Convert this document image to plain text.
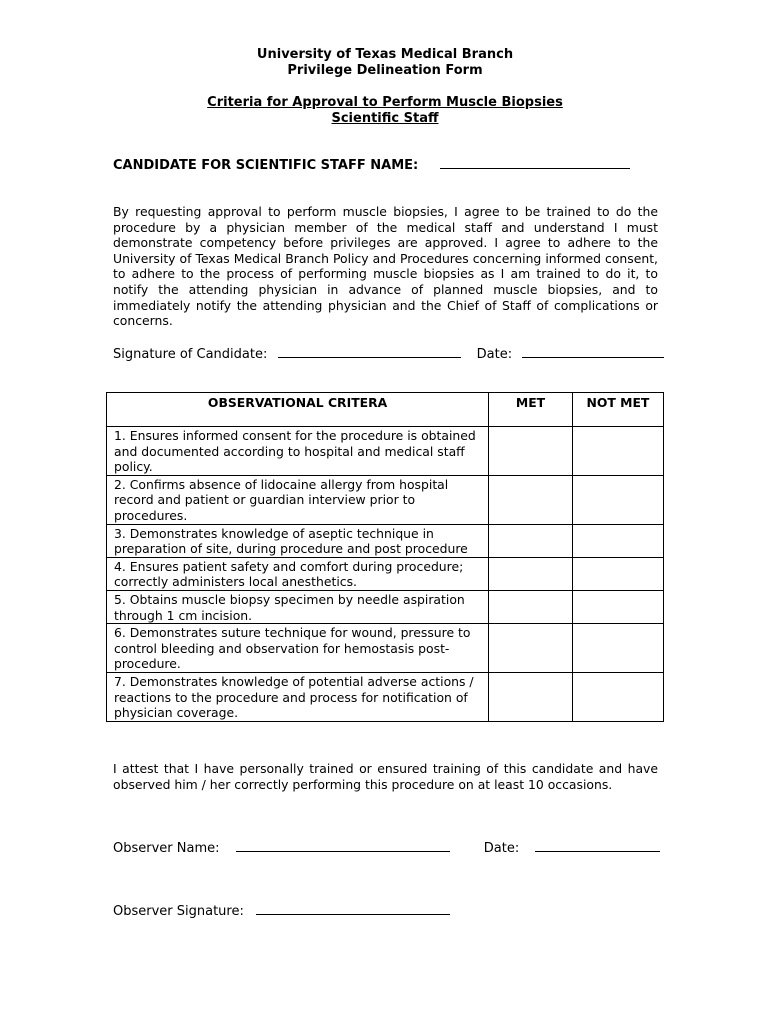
University of Texas Medical Branch
Privilege Delineation Form
Criteria for Approval to Perform Muscle Biopsies
Scientific Staff
CANDIDATE FOR SCIENTIFIC STAFF NAME:
By requesting approval to perform muscle biopsies, I agree to be trained to do the procedure by a physician member of the medical staff and understand I must demonstrate competency before privileges are approved. I agree to adhere to the University of Texas Medical Branch Policy and Procedures concerning informed consent, to adhere to the process of performing muscle biopsies as I am trained to do it, to notify the attending physician in advance of planned muscle biopsies, and to immediately notify the attending physician and the Chief of Staff of complications or concerns.
Signature of Candidate:	Date:
OBSERVATIONAL CRITERA	MET	NOT MET
1. Ensures informed consent for the procedure is obtained and documented according to hospital and medical staff policy.		
2. Confirms absence of lidocaine allergy from hospital record and patient or guardian interview prior to procedures.		
3. Demonstrates knowledge of aseptic technique in preparation of site, during procedure and post procedure		
4. Ensures patient safety and comfort during procedure; correctly administers local anesthetics.		
5. Obtains muscle biopsy specimen by needle aspiration through 1 cm incision.		
6. Demonstrates suture technique for wound, pressure to control bleeding and observation for hemostasis post-procedure.		
7. Demonstrates knowledge of potential adverse actions / reactions to the procedure and process for notification of physician coverage.		
I attest that I have personally trained or ensured training of this candidate and have observed him / her correctly performing this procedure on at least 10 occasions.
Observer Name:	Date:
Observer Signature:
